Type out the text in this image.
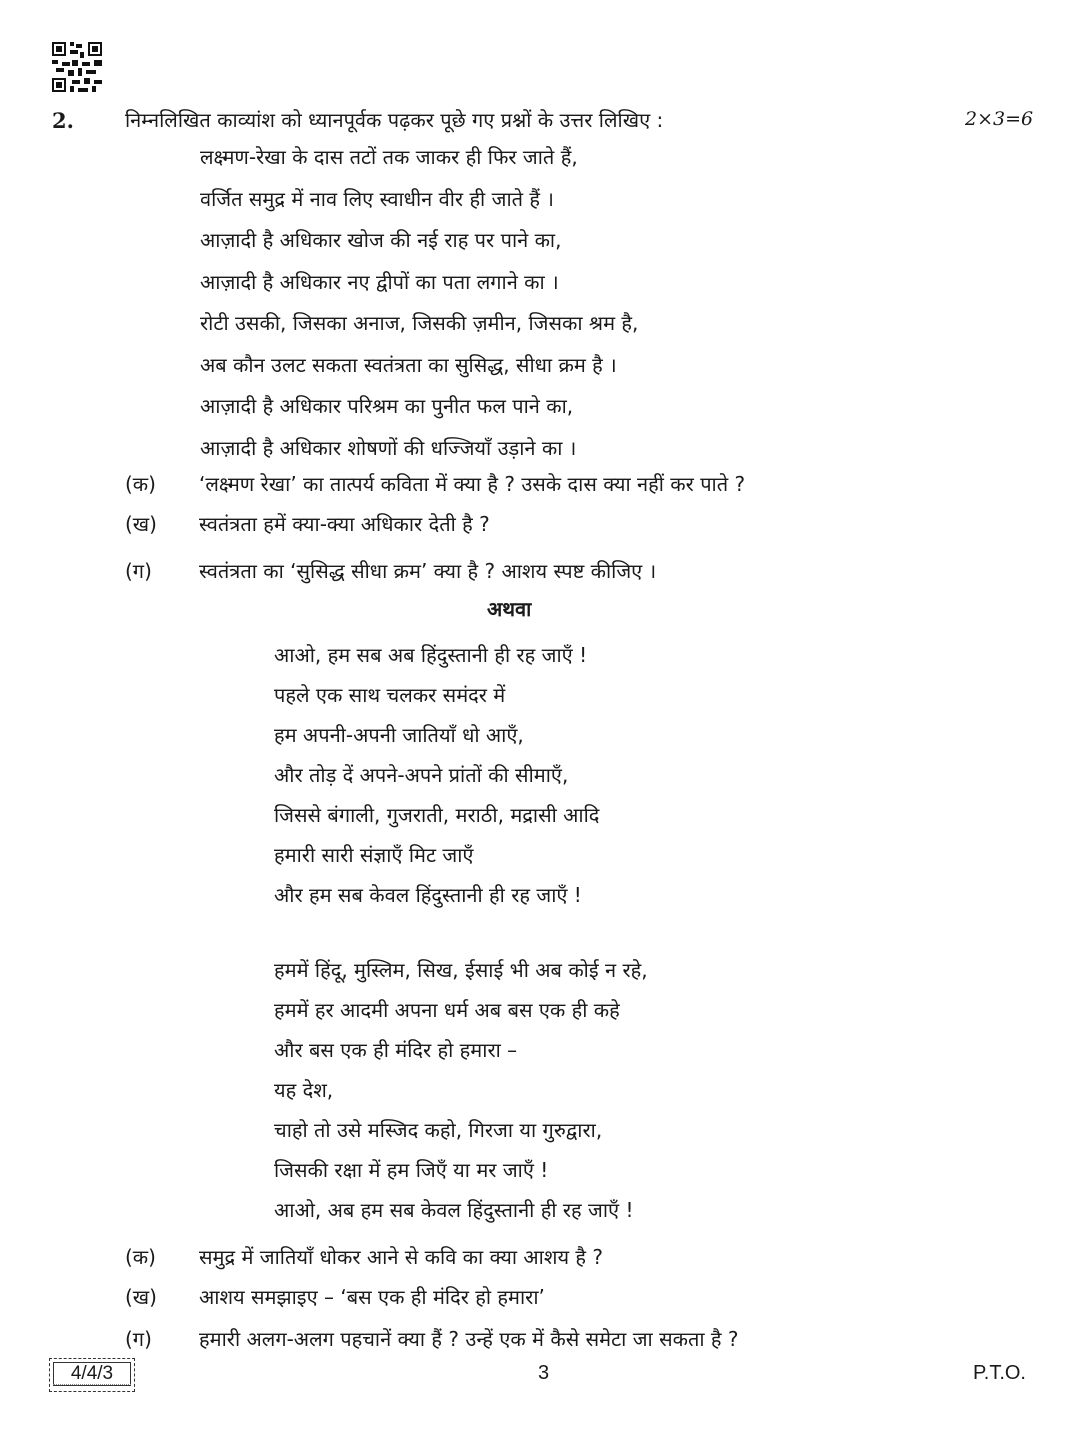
2.	निम्नलिखित काव्यांश को ध्यानपूर्वक पढ़कर पूछे गए प्रश्नों के उत्तर लिखिए :	2×3=6
लक्ष्मण-रेखा के दास तटों तक जाकर ही फिर जाते हैं,
वर्जित समुद्र में नाव लिए स्वाधीन वीर ही जाते हैं ।
आज़ादी है अधिकार खोज की नई राह पर पाने का,
आज़ादी है अधिकार नए द्वीपों का पता लगाने का ।
रोटी उसकी, जिसका अनाज, जिसकी ज़मीन, जिसका श्रम है,
अब कौन उलट सकता स्वतंत्रता का सुसिद्ध, सीधा क्रम है ।
आज़ादी है अधिकार परिश्रम का पुनीत फल पाने का,
आज़ादी है अधिकार शोषणों की धज्जियाँ उड़ाने का ।
(क) ‘लक्ष्मण रेखा’ का तात्पर्य कविता में क्या है ? उसके दास क्या नहीं कर पाते ?
(ख) स्वतंत्रता हमें क्या-क्या अधिकार देती है ?
(ग) स्वतंत्रता का ‘सुसिद्ध सीधा क्रम’ क्या है ? आशय स्पष्ट कीजिए ।
अथवा
आओ, हम सब अब हिंदुस्तानी ही रह जाएँ !
पहले एक साथ चलकर समंदर में
हम अपनी-अपनी जातियाँ धो आएँ,
और तोड़ दें अपने-अपने प्रांतों की सीमाएँ,
जिससे बंगाली, गुजराती, मराठी, मद्रासी आदि
हमारी सारी संज्ञाएँ मिट जाएँ
और हम सब केवल हिंदुस्तानी ही रह जाएँ !
हममें हिंदू, मुस्लिम, सिख, ईसाई भी अब कोई न रहे,
हममें हर आदमी अपना धर्म अब बस एक ही कहे
और बस एक ही मंदिर हो हमारा –
यह देश,
चाहो तो उसे मस्जिद कहो, गिरजा या गुरुद्वारा,
जिसकी रक्षा में हम जिएँ या मर जाएँ !
आओ, अब हम सब केवल हिंदुस्तानी ही रह जाएँ !
(क) समुद्र में जातियाँ धोकर आने से कवि का क्या आशय है ?
(ख) आशय समझाइए – ‘बस एक ही मंदिर हो हमारा’
(ग) हमारी अलग-अलग पहचानें क्या हैं ? उन्हें एक में कैसे समेटा जा सकता है ?
4/4/3	3	P.T.O.
